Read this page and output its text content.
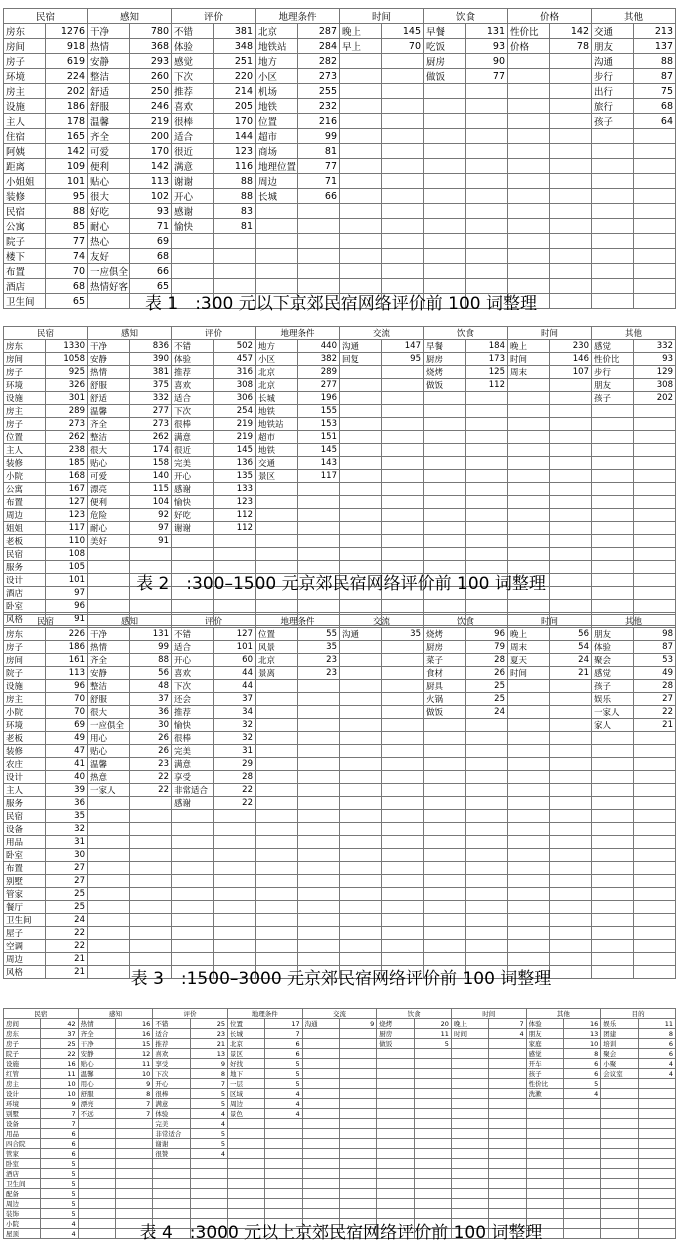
民宿		感知		评价		地理条件		时间		饮食		价格		其他	
房东	1276	干净	780	不错	381	北京	287	晚上	145	早餐	131	性价比	142	交通	213
房间	918	热情	368	体验	348	地铁站	284	早上	70	吃饭	93	价格	78	朋友	137
房子	619	安静	293	感觉	251	地方	282			厨房	90			沟通	88
环境	224	整洁	260	下次	220	小区	273			做饭	77			步行	87
房主	202	舒适	250	推荐	214	机场	255							出行	75
设施	186	舒服	246	喜欢	205	地铁	232							旅行	68
主人	178	温馨	219	很棒	170	位置	216							孩子	64
住宿	165	齐全	200	适合	144	超市	99								
阿姨	142	可爱	170	很近	123	商场	81								
距离	109	便利	142	满意	116	地理位置	77								
小姐姐	101	贴心	113	谢谢	88	周边	71								
装修	95	很大	102	开心	88	长城	66								
民宿	88	好吃	93	感谢	83										
公寓	85	耐心	71	愉快	81										
院子	77	热心	69												
楼下	74	友好	68												
布置	70	一应俱全	66												
酒店	68	热情好客	65												
卫生间	65															表 1　:300 元以下京郊民宿网络评价前 100 词整理
民宿		感知		评价		地理条件		交流		饮食		时间		其他	
房东	1330	干净	836	不错	502	地方	440	沟通	147	早餐	184	晚上	230	感觉	332
房间	1058	安静	390	体验	457	小区	382	回复	95	厨房	173	时间	146	性价比	93
房子	925	热情	381	推荐	316	北京	289			烧烤	125	周末	107	步行	129
环境	326	舒服	375	喜欢	308	北京	277			做饭	112			朋友	308
设施	301	舒适	332	适合	306	长城	196							孩子	202
房主	289	温馨	277	下次	254	地铁	155								
房子	273	齐全	273	很棒	219	地铁站	153								
位置	262	整洁	262	满意	219	超市	151								
主人	238	很大	174	很近	145	地铁	145								
装修	185	贴心	158	完美	136	交通	143								
小院	168	可爱	140	开心	135	景区	117								
公寓	167	漂亮	115	感谢	133										
布置	127	便利	104	愉快	123										
周边	123	危险	92	好吃	112										
姐姐	117	耐心	97	谢谢	112										
老板	110	美好	91												
民宿	108														
服务	105														
设计	101														
酒店	97														
卧室	96														
风格	91														
表 2　:300–1500 元京郊民宿网络评价前 100 词整理
民宿		感知		评价		地理条件		交流		饮食		时间		其他	
房东	226	干净	131	不错	127	位置	55	沟通	35	烧烤	96	晚上	56	朋友	98
房子	186	热情	99	适合	101	风景	35			厨房	79	周末	54	体验	87
房间	161	齐全	88	开心	60	北京	23			菜子	28	夏天	24	聚会	53
院子	113	安静	56	喜欢	44	景离	23			食材	26	时间	21	感觉	49
设施	96	整洁	48	下次	44					厨具	25			孩子	28
房主	70	舒服	37	还会	37					火锅	25			娱乐	27
小院	70	很大	36	推荐	34					做饭	24			一家人	22
环境	69	一应俱全	30	愉快	32									家人	21
老板	49	用心	26	很棒	32										
装修	47	贴心	26	完美	31										
农庄	41	温馨	23	满意	29										
设计	40	热意	22	享受	28										
主人	39	一家人	22	非常适合	22										
服务	36			感谢	22										
民宿	35														
设备	32														
用品	31														
卧室	30														
布置	27														
别墅	27														
管家	25														
餐厅	25														
卫生间	24														
屋子	22														
空调	22														
周边	21														
风格	21															表 3　:1500–3000 元京郊民宿网络评价前 100 词整理
民宿		感知		评价		地理条件		交流		饮食		时间		其他		目的	
房间	42	热情	16	不错	25	位置	17	沟通	9	烧烤	20	晚上	7	体验	16	娱乐	11
房东	37	齐全	16	适合	23	长城	7			厨房	11	时间	4	朋友	13	团建	8
房子	25	干净	15	推荐	21	北京	6			做饭	5			家庭	10	培训	6
院子	22	安静	12	喜欢	13	景区	6							感觉	8	聚会	6
设施	16	贴心	11	享受	9	好找	5							开车	6	小聚	4
红管	11	温馨	10	下次	8	地下	5							孩子	6	会议室	4
房主	10	用心	9	开心	7	一层	5							性价比	5		
设计	10	舒服	8	很棒	5	区域	4							洗漱	4		
环境	9	漂亮	7	满意	5	周边	4										
别墅	7	不远	7	体验	4	景色	4										
设备	7			完美	4												
用品	6			非常适合	5												
四合院	6			谢谢	5												
管家	6			很赞	4												
卧室	5																
酒店	5																
卫生间	5																
配备	5																
周边	5																
装饰	5																
小院	4																
屋顶	4																	表 4　:3000 元以上京郊民宿网络评价前 100 词整理
